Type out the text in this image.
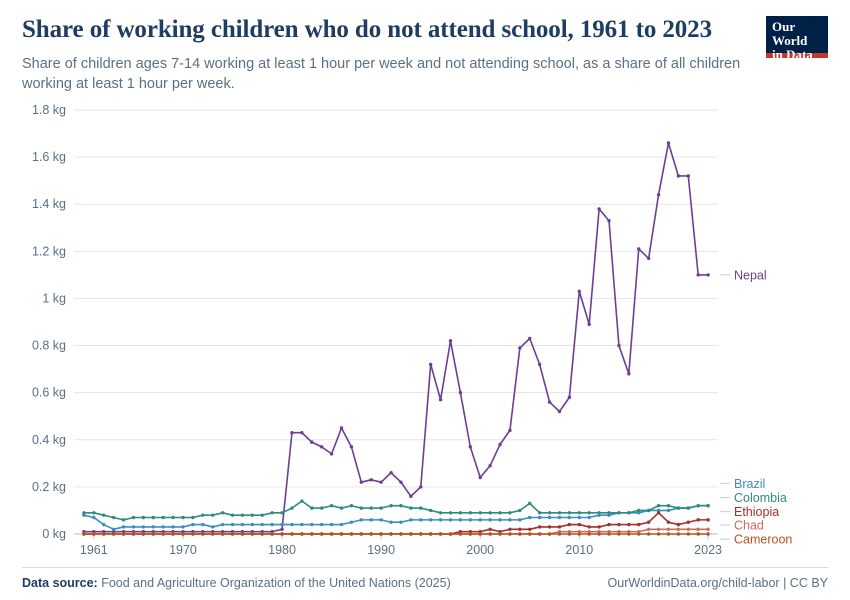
Share of working children who do not attend school, 1961 to 2023

Share of children ages 7-14 working at least 1 hour per week and not attending school, as a share of all children working at least 1 hour per week.

Our World
in Data
0 kg
0.2 kg
0.4 kg
0.6 kg
0.8 kg
1 kg
1.2 kg
1.4 kg
1.6 kg
1.8 kg
1961	1970	1980	1990	2000	2010	2023
Nepal
Brazil
Colombia
Ethiopia
Chad
Cameroon
Data source: Food and Agriculture Organization of the United Nations (2025)	OurWorldinData.org/child-labor | CC BY
